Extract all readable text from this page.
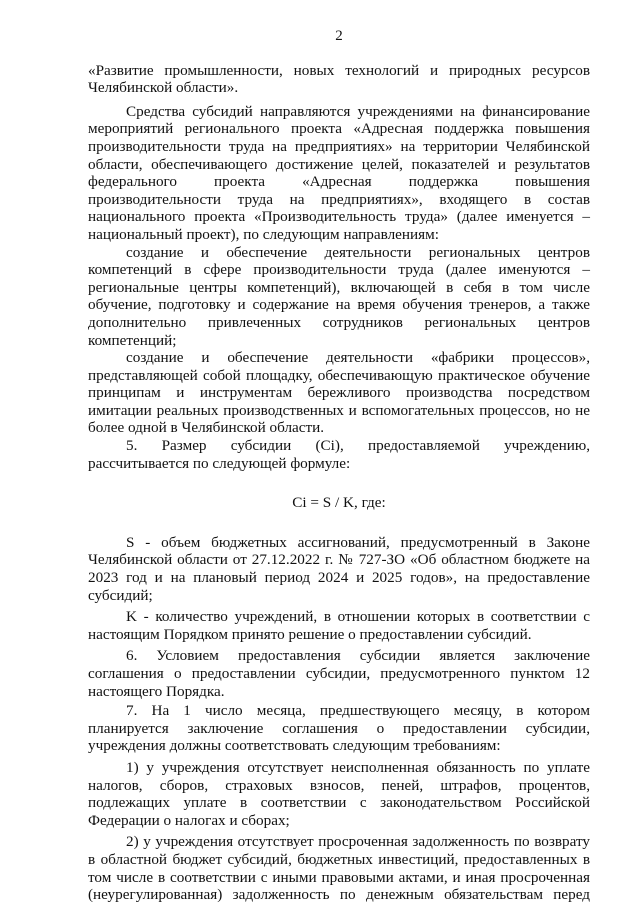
2

«Развитие промышленности, новых технологий и природных ресурсов Челябинской области».

Средства субсидий направляются учреждениями на финансирование мероприятий регионального проекта «Адресная поддержка повышения производительности труда на предприятиях» на территории Челябинской области, обеспечивающего достижение целей, показателей и результатов федерального проекта «Адресная поддержка повышения производительности труда на предприятиях», входящего в состав национального проекта «Производительность труда» (далее именуется – национальный проект), по следующим направлениям:

создание и обеспечение деятельности региональных центров компетенций в сфере производительности труда (далее именуются – региональные центры компетенций), включающей в себя в том числе обучение, подготовку и содержание на время обучения тренеров, а также дополнительно привлеченных сотрудников региональных центров компетенций;

создание и обеспечение деятельности «фабрики процессов», представляющей собой площадку, обеспечивающую практическое обучение принципам и инструментам бережливого производства посредством имитации реальных производственных и вспомогательных процессов, но не более одной в Челябинской области.

5. Размер субсидии (Ci), предоставляемой учреждению, рассчитывается по следующей формуле:

Ci = S / K, где:

S - объем бюджетных ассигнований, предусмотренный в Законе Челябинской области от 27.12.2022 г. № 727-ЗО «Об областном бюджете на 2023 год и на плановый период 2024 и 2025 годов», на предоставление субсидий;

K - количество учреждений, в отношении которых в соответствии с настоящим Порядком принято решение о предоставлении субсидий.

6. Условием предоставления субсидии является заключение соглашения о предоставлении субсидии, предусмотренного пунктом 12 настоящего Порядка.

7. На 1 число месяца, предшествующего месяцу, в котором планируется заключение соглашения о предоставлении субсидии, учреждения должны соответствовать следующим требованиям:

1) у учреждения отсутствует неисполненная обязанность по уплате налогов, сборов, страховых взносов, пеней, штрафов, процентов, подлежащих уплате в соответствии с законодательством Российской Федерации о налогах и сборах;

2) у учреждения отсутствует просроченная задолженность по возврату в областной бюджет субсидий, бюджетных инвестиций, предоставленных в том числе в соответствии с иными правовыми актами, и иная просроченная (неурегулированная) задолженность по денежным обязательствам перед
